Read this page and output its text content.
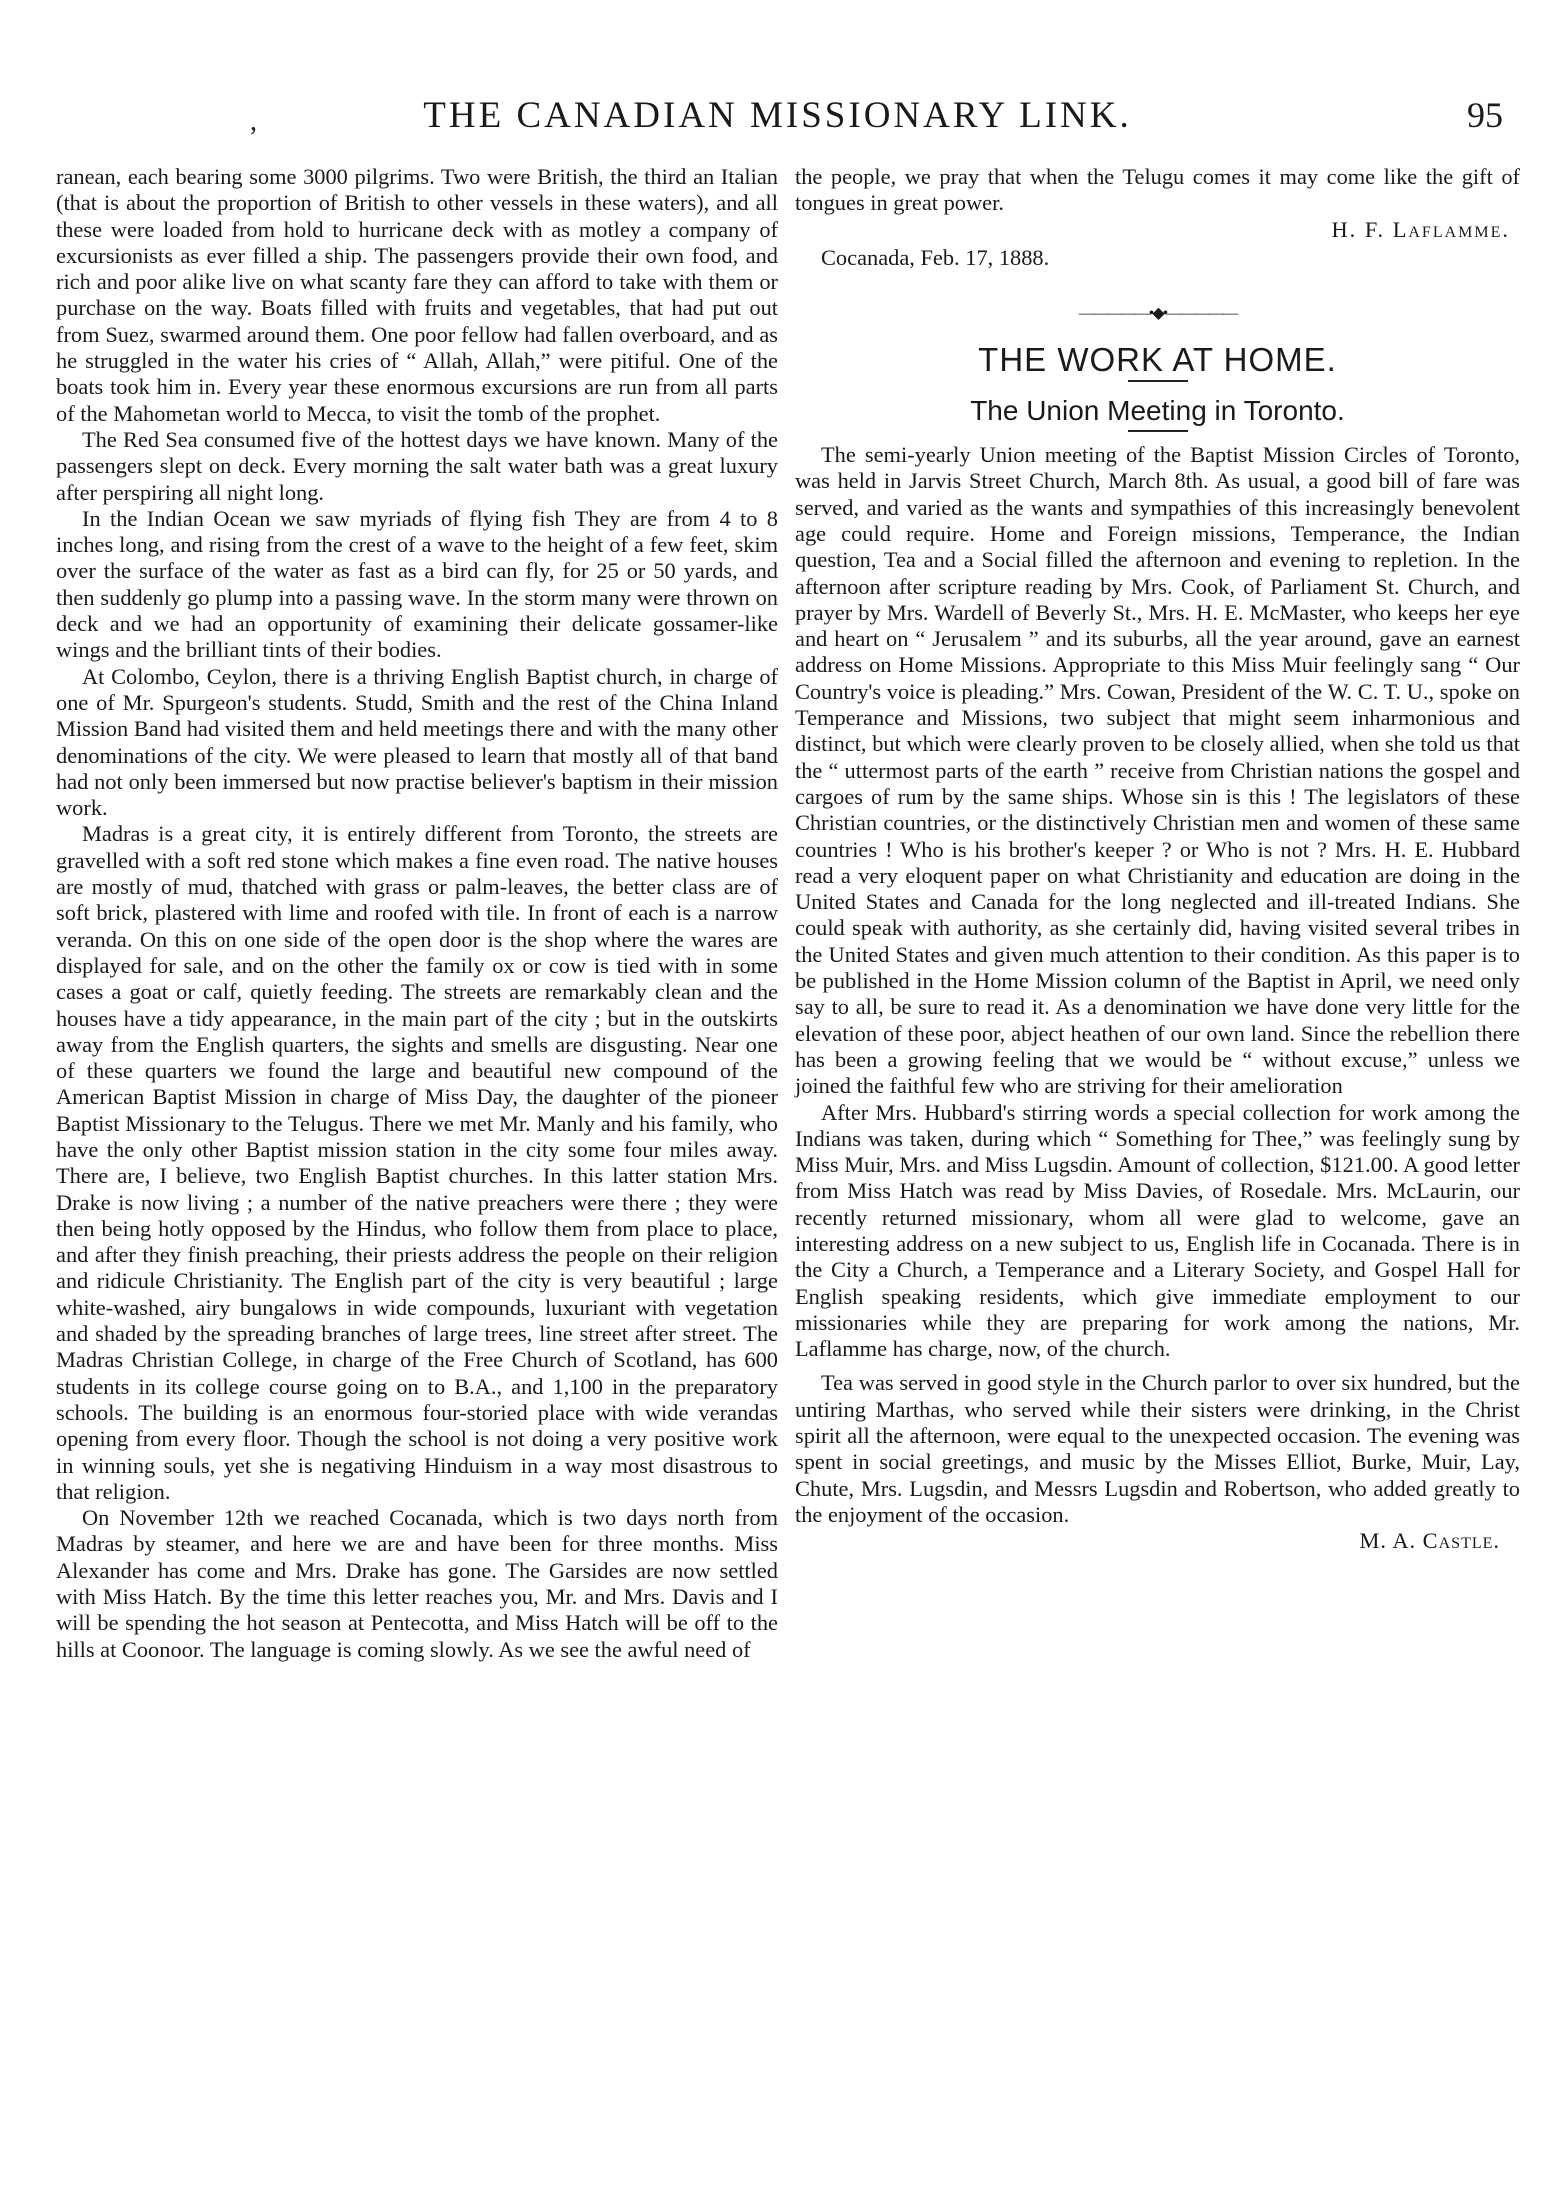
,	THE CANADIAN MISSIONARY LINK.	95

ranean, each bearing some 3000 pilgrims. Two were British, the third an Italian (that is about the proportion of British to other vessels in these waters), and all these were loaded from hold to hurricane deck with as motley a company of excursionists as ever filled a ship. The passengers provide their own food, and rich and poor alike live on what scanty fare they can afford to take with them or purchase on the way. Boats filled with fruits and vegetables, that had put out from Suez, swarmed around them. One poor fellow had fallen overboard, and as he struggled in the water his cries of “ Allah, Allah,” were pitiful. One of the boats took him in. Every year these enormous excursions are run from all parts of the Mahometan world to Mecca, to visit the tomb of the prophet.

The Red Sea consumed five of the hottest days we have known. Many of the passengers slept on deck. Every morning the salt water bath was a great luxury after perspiring all night long.

In the Indian Ocean we saw myriads of flying fish They are from 4 to 8 inches long, and rising from the crest of a wave to the height of a few feet, skim over the surface of the water as fast as a bird can fly, for 25 or 50 yards, and then suddenly go plump into a passing wave. In the storm many were thrown on deck and we had an opportunity of examining their delicate gossamer-like wings and the brilliant tints of their bodies.

At Colombo, Ceylon, there is a thriving English Baptist church, in charge of one of Mr. Spurgeon's students. Studd, Smith and the rest of the China Inland Mission Band had visited them and held meetings there and with the many other denominations of the city. We were pleased to learn that mostly all of that band had not only been immersed but now practise believer's baptism in their mission work.

Madras is a great city, it is entirely different from Toronto, the streets are gravelled with a soft red stone which makes a fine even road. The native houses are mostly of mud, thatched with grass or palm-leaves, the better class are of soft brick, plastered with lime and roofed with tile. In front of each is a narrow veranda. On this on one side of the open door is the shop where the wares are displayed for sale, and on the other the family ox or cow is tied with in some cases a goat or calf, quietly feeding. The streets are remarkably clean and the houses have a tidy appearance, in the main part of the city ; but in the outskirts away from the English quarters, the sights and smells are disgusting. Near one of these quarters we found the large and beautiful new compound of the American Baptist Mission in charge of Miss Day, the daughter of the pioneer Baptist Missionary to the Telugus. There we met Mr. Manly and his family, who have the only other Baptist mission station in the city some four miles away. There are, I believe, two English Baptist churches. In this latter station Mrs. Drake is now living ; a number of the native preachers were there ; they were then being hotly opposed by the Hindus, who follow them from place to place, and after they finish preaching, their priests address the people on their religion and ridicule Christianity. The English part of the city is very beautiful ; large white-washed, airy bungalows in wide compounds, luxuriant with vegetation and shaded by the spreading branches of large trees, line street after street. The Madras Christian College, in charge of the Free Church of Scotland, has 600 students in its college course going on to B.A., and 1,100 in the preparatory schools. The building is an enormous four-storied place with wide verandas opening from every floor. Though the school is not doing a very positive work in winning souls, yet she is negativing Hinduism in a way most disastrous to that religion.

On November 12th we reached Cocanada, which is two days north from Madras by steamer, and here we are and have been for three months. Miss Alexander has come and Mrs. Drake has gone. The Garsides are now settled with Miss Hatch. By the time this letter reaches you, Mr. and Mrs. Davis and I will be spending the hot season at Pentecotta, and Miss Hatch will be off to the hills at Coonoor. The language is coming slowly. As we see the awful need of

the people, we pray that when the Telugu comes it may come like the gift of tongues in great power.

H. F. Laflamme.
Cocanada, Feb. 17, 1888.
—————•◆•—————
THE WORK AT HOME.
The Union Meeting in Toronto.

The semi-yearly Union meeting of the Baptist Mission Circles of Toronto, was held in Jarvis Street Church, March 8th. As usual, a good bill of fare was served, and varied as the wants and sympathies of this increasingly benevolent age could require. Home and Foreign missions, Temperance, the Indian question, Tea and a Social filled the afternoon and evening to repletion. In the afternoon after scripture reading by Mrs. Cook, of Parliament St. Church, and prayer by Mrs. Wardell of Beverly St., Mrs. H. E. McMaster, who keeps her eye and heart on “ Jerusalem ” and its suburbs, all the year around, gave an earnest address on Home Missions. Appropriate to this Miss Muir feelingly sang “ Our Country's voice is pleading.” Mrs. Cowan, President of the W. C. T. U., spoke on Temperance and Missions, two subject that might seem inharmonious and distinct, but which were clearly proven to be closely allied, when she told us that the “ uttermost parts of the earth ” receive from Christian nations the gospel and cargoes of rum by the same ships. Whose sin is this ! The legislators of these Christian countries, or the distinctively Christian men and women of these same countries ! Who is his brother's keeper ? or Who is not ? Mrs. H. E. Hubbard read a very eloquent paper on what Christianity and education are doing in the United States and Canada for the long neglected and ill-treated Indians. She could speak with authority, as she certainly did, having visited several tribes in the United States and given much attention to their condition. As this paper is to be published in the Home Mission column of the Baptist in April, we need only say to all, be sure to read it. As a denomination we have done very little for the elevation of these poor, abject heathen of our own land. Since the rebellion there has been a growing feeling that we would be “ without excuse,” unless we joined the faithful few who are striving for their amelioration

After Mrs. Hubbard's stirring words a special collection for work among the Indians was taken, during which “ Something for Thee,” was feelingly sung by Miss Muir, Mrs. and Miss Lugsdin. Amount of collection, $121.00. A good letter from Miss Hatch was read by Miss Davies, of Rosedale. Mrs. McLaurin, our recently returned missionary, whom all were glad to welcome, gave an interesting address on a new subject to us, English life in Cocanada. There is in the City a Church, a Temperance and a Literary Society, and Gospel Hall for English speaking residents, which give immediate employment to our missionaries while they are preparing for work among the nations, Mr. Laflamme has charge, now, of the church.

Tea was served in good style in the Church parlor to over six hundred, but the untiring Marthas, who served while their sisters were drinking, in the Christ spirit all the afternoon, were equal to the unexpected occasion. The evening was spent in social greetings, and music by the Misses Elliot, Burke, Muir, Lay, Chute, Mrs. Lugsdin, and Messrs Lugsdin and Robertson, who added greatly to the enjoyment of the occasion.

M. A. Castle.
